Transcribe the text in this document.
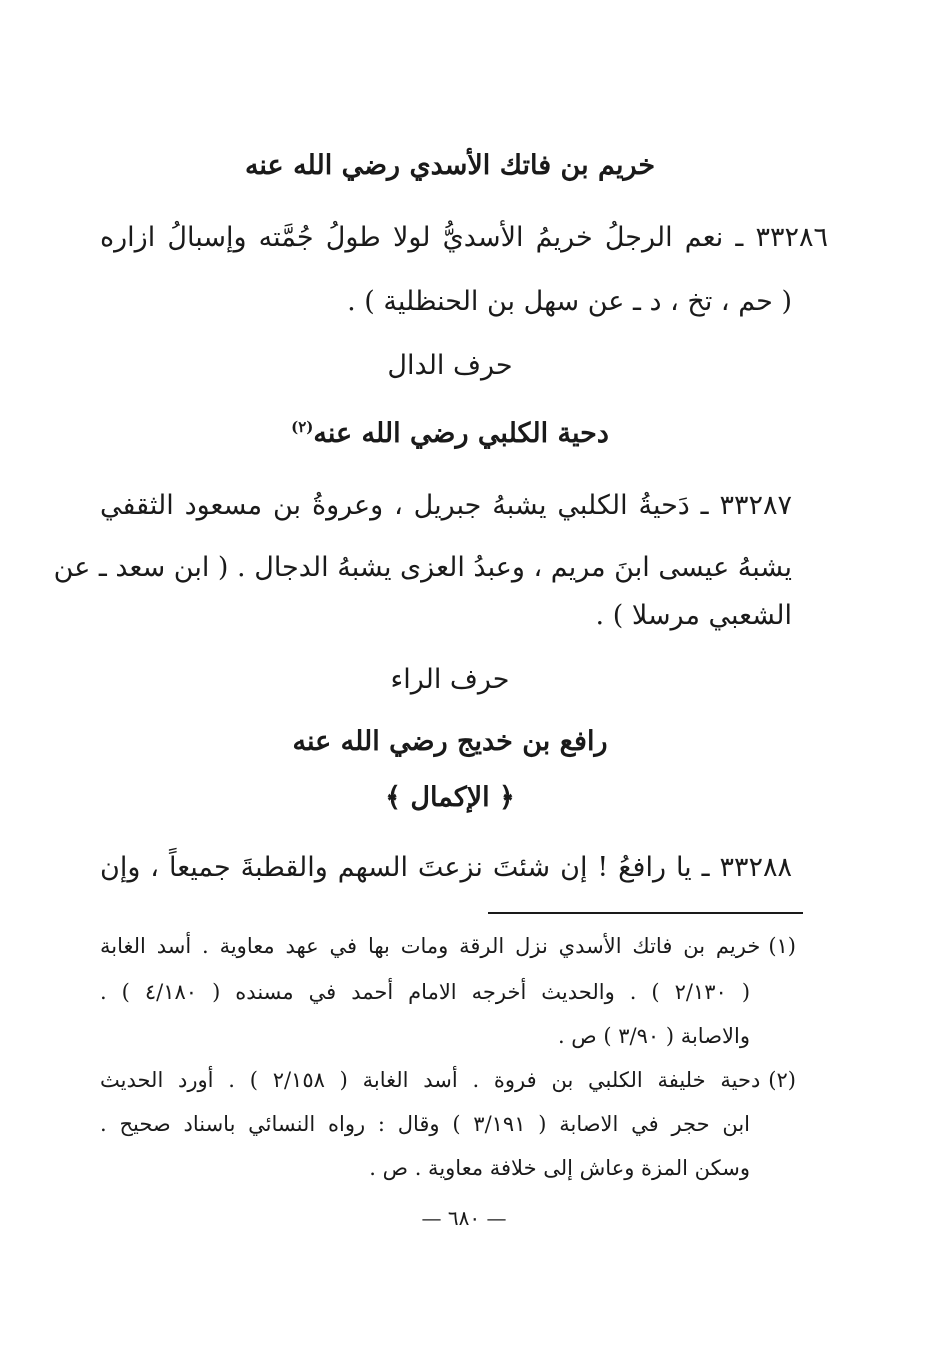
خريم بن فاتك الأسدي رضي الله عنه
٣٣٢٨٦ ـ نعم الرجلُ خريمُ الأسديُّ لولا طولُ جُمَّته وإسبالُ ازاره
( حم ، تخ ، د ـ عن سهل بن الحنظلية ) .
حرف الدال
دحية الكلبي رضي الله عنه$^{(٢)}$
٣٣٢٨٧ ـ دَحيةُ الكلبي يشبهُ جبريل ، وعروةُ بن مسعود الثقفي
يشبهُ عيسى ابنَ مريم ، وعبدُ العزى يشبهُ الدجال . ( ابن سعد ـ عن
الشعبي مرسلا ) .
حرف الراء
رافع بن خديج رضي الله عنه
﴿ الإكمال ﴾
٣٣٢٨٨ ـ يا رافعُ ! إن شئتَ نزعتَ السهم والقطبةَ جميعاً ، وإن
(١)خريم بن فاتك الأسدي نزل الرقة ومات بها في عهد معاوية . أسد الغابة
( ٢/١٣٠ ) . والحديث أخرجه الامام أحمد في مسنده ( ٤/١٨٠ ) .
والاصابة ( ٣/٩٠ ) ص .
(٢)دحية خليفة الكلبي بن فروة . أسد الغابة ( ٢/١٥٨ ) . أورد الحديث
ابن حجر في الاصابة ( ٣/١٩١ ) وقال : رواه النسائي باسناد صحيح .
وسكن المزة وعاش إلى خلافة معاوية . ص .
— ٦٨٠ —
